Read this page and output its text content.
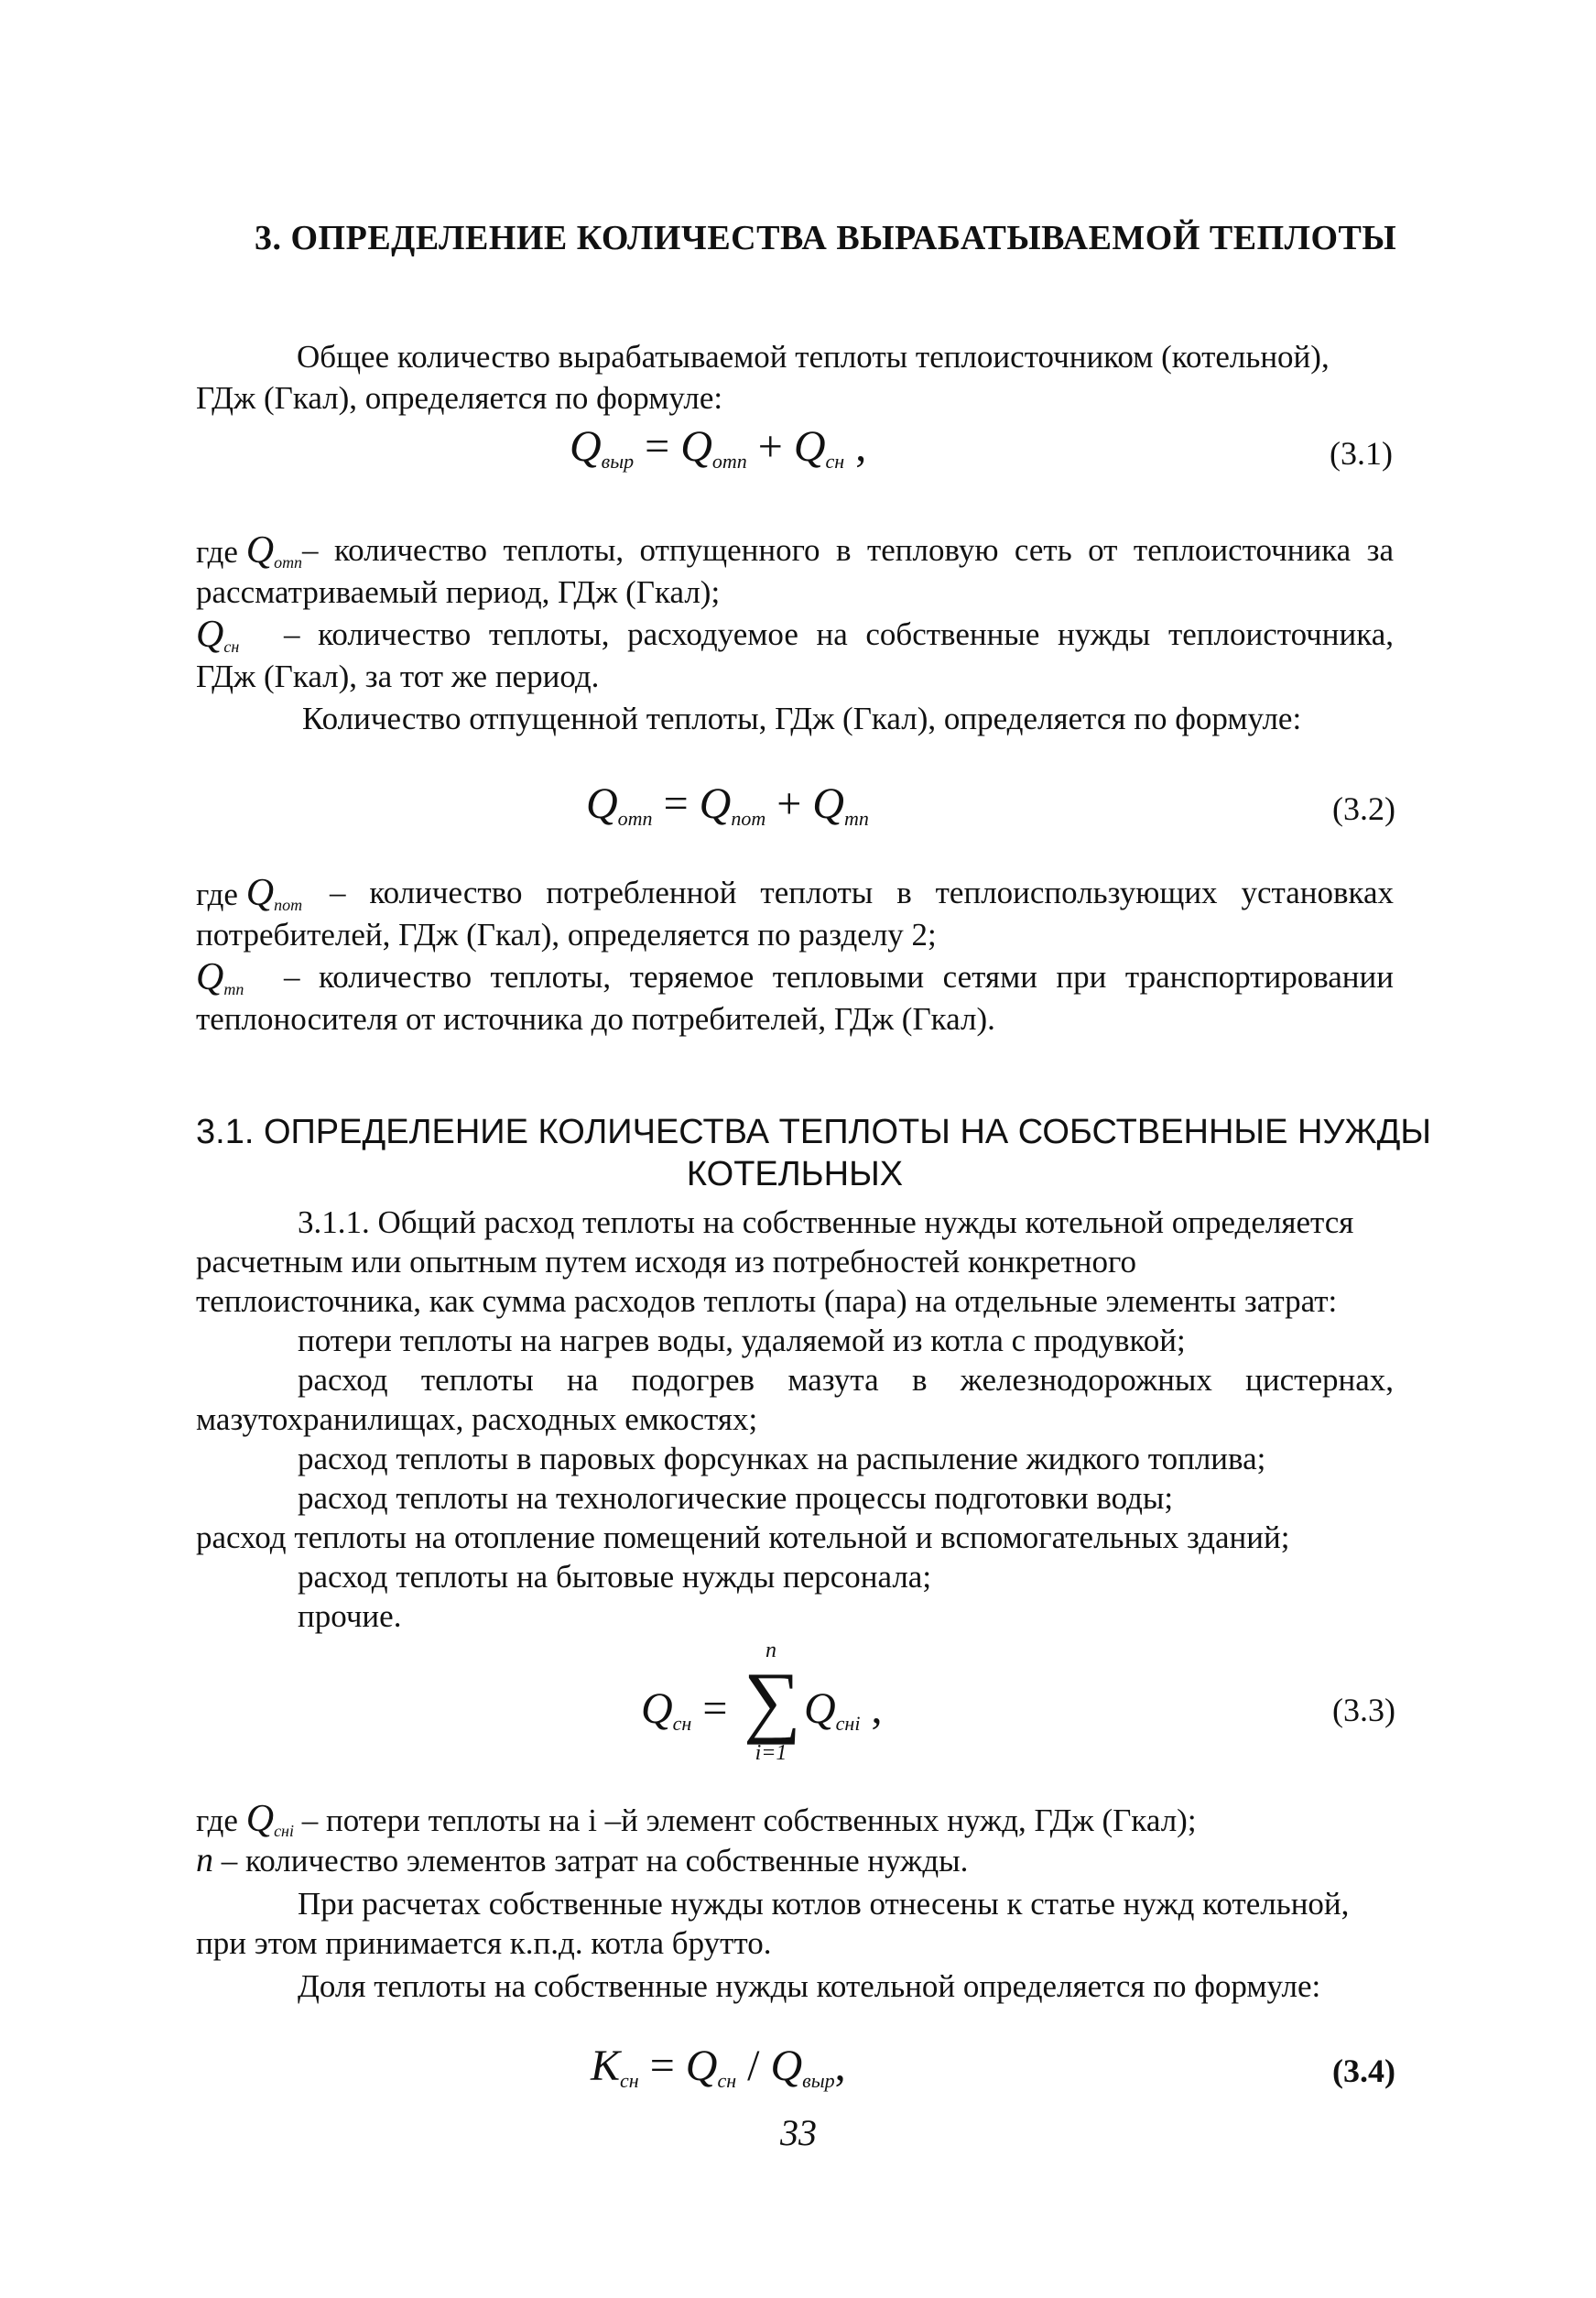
3. ОПРЕДЕЛЕНИЕ КОЛИЧЕСТВА ВЫРАБАТЫВАЕМОЙ ТЕПЛОТЫ
Общее количество вырабатываемой теплоты теплоисточником (котельной),
ГДж (Гкал), определяется по формуле:
$Q_{выр} = Q_{отп} + Q_{сн}$ ,	(3.1)
где $Q_{отп}$ – количество теплоты, отпущенного в тепловую сеть от теплоисточника за
рассматриваемый период, ГДж (Гкал);
$Q_{сн}$ – количество теплоты, расходуемое на собственные нужды теплоисточника,
ГДж (Гкал), за тот же период.
Количество отпущенной теплоты, ГДж (Гкал), определяется по формуле:
$Q_{отп} = Q_{пот} + Q_{тп}$	(3.2)
где $Q_{пот}$ – количество потребленной теплоты в теплоиспользующих установках
потребителей, ГДж (Гкал), определяется по разделу 2;
$Q_{тп}$ – количество теплоты, теряемое тепловыми сетями при транспортировании
теплоносителя от источника до потребителей, ГДж (Гкал).
3.1. ОПРЕДЕЛЕНИЕ КОЛИЧЕСТВА ТЕПЛОТЫ НА СОБСТВЕННЫЕ НУЖДЫ
КОТЕЛЬНЫХ
3.1.1. Общий расход теплоты на собственные нужды котельной определяется
расчетным или опытным путем исходя из потребностей конкретного
теплоисточника, как сумма расходов теплоты (пара) на отдельные элементы затрат:
потери теплоты на нагрев воды, удаляемой из котла с продувкой;
расход теплоты на подогрев мазута в железнодорожных цистернах,
мазутохранилищах, расходных емкостях;
расход теплоты в паровых форсунках на распыление жидкого топлива;
расход теплоты на технологические процессы подготовки воды;
расход теплоты на отопление помещений котельной и вспомогательных зданий;
расход теплоты на бытовые нужды персонала;
прочие.
$Q_{сн}$ =
n
∑
i=1
$Q_{снi}$ ,	(3.3)
где $Q_{снi}$ – потери теплоты на i –й элемент собственных нужд, ГДж (Гкал);
n – количество элементов затрат на собственные нужды.
При расчетах собственные нужды котлов отнесены к статье нужд котельной,
при этом принимается к.п.д. котла брутто.
Доля теплоты на собственные нужды котельной определяется по формуле:
$K_{сн} = Q_{сн} / Q_{выр}$,	(3.4)
33
